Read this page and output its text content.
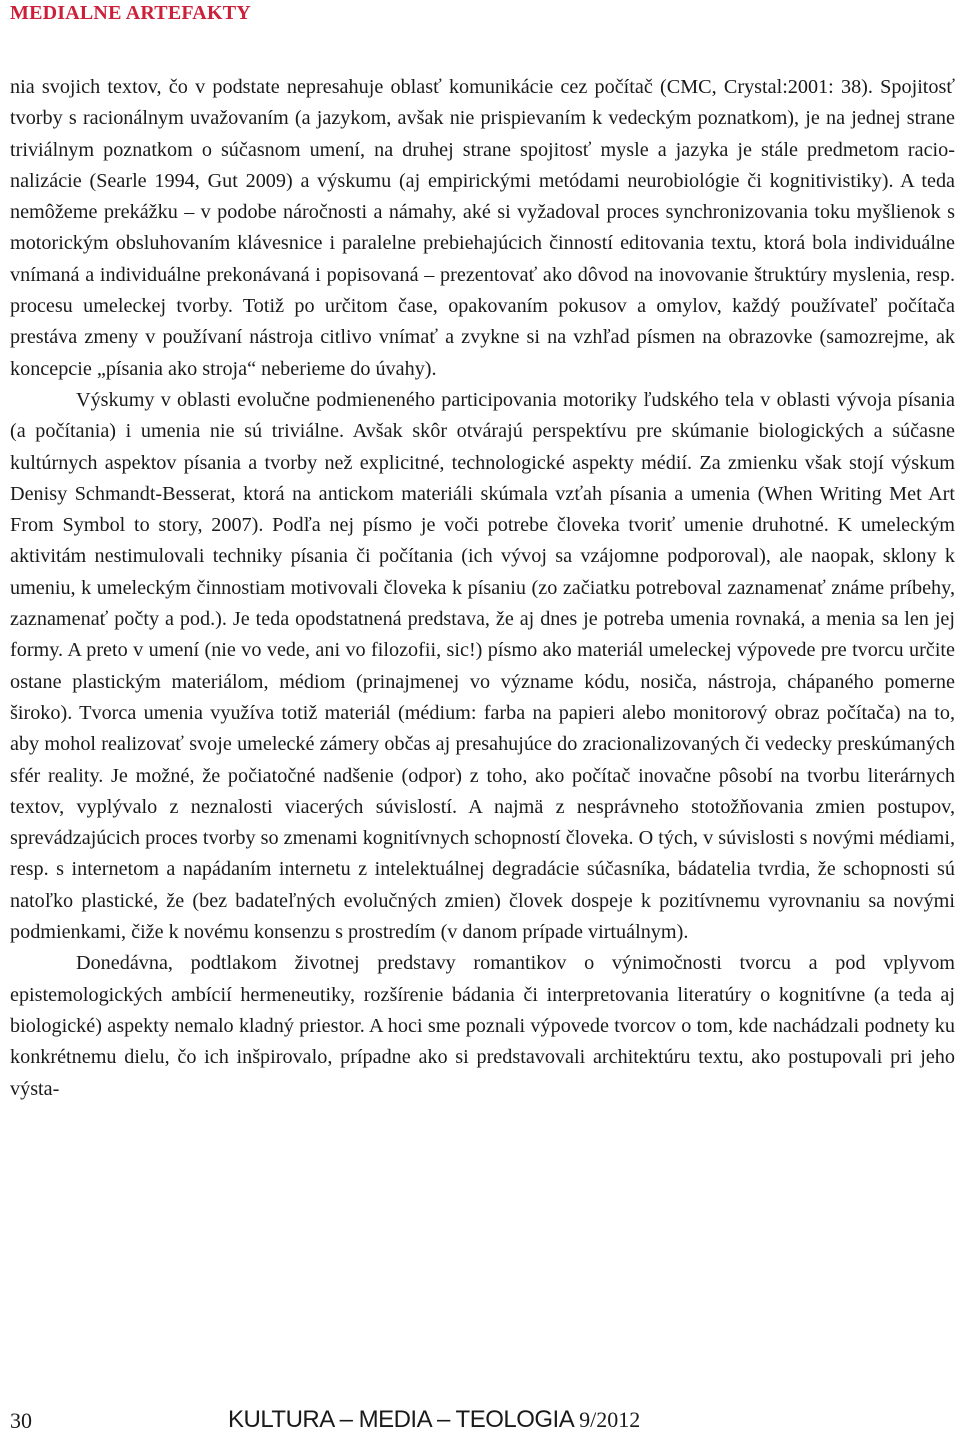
MEDIALNE ARTEFAKTY

nia svojich textov, čo v podstate nepresahuje oblasť komunikácie cez počítač (CMC, Crystal:2001: 38). Spojitosť tvorby s racionálnym uvažovaním (a jazykom, avšak nie prispievaním k vedeckým poznatkom), je na jednej strane triviálnym poznatkom o súčasnom umení, na druhej strane spojitosť mysle a jazyka je stále predmetom racionalizácie (Searle 1994, Gut 2009) a výskumu (aj empirickými metódami neurobiológie či kognitivistiky). A teda nemôžeme prekážku – v podobe náročnosti a námahy, aké si vyžadoval proces synchronizovania toku myšlienok s motorickým obsluhovaním klávesnice i paralelne prebiehajúcich činností editovania textu, ktorá bola individuálne vnímaná a individuálne prekonávaná i popisovaná – prezentovať ako dôvod na inovovanie štruktúry myslenia, resp. procesu umeleckej tvorby. Totiž po určitom čase, opakovaním pokusov a omylov, každý používateľ počítača prestáva zmeny v používaní nástroja citlivo vnímať a zvykne si na vzhľad písmen na obrazovke (samozrejme, ak koncepcie „písania ako stroja“ neberieme do úvahy).

Výskumy v oblasti evolučne podmieneného participovania motoriky ľudského tela v oblasti vývoja písania (a počítania) i umenia nie sú triviálne. Avšak skôr otvárajú perspektívu pre skúmanie biologických a súčasne kultúrnych aspektov písania a tvorby než explicitné, technologické aspekty médií. Za zmienku však stojí výskum Denisy Schmandt-Besserat, ktorá na antickom materiáli skúmala vzťah písania a umenia (When Writing Met Art From Symbol to story, 2007). Podľa nej písmo je voči potrebe človeka tvoriť umenie druhotné. K umeleckým aktivitám nestimulovali techniky písania či počítania (ich vývoj sa vzájomne podporoval), ale naopak, sklony k umeniu, k umeleckým činnostiam motivovali človeka k písaniu (zo začiatku potreboval zaznamenať známe príbehy, zaznamenať počty a pod.). Je teda opodstatnená predstava, že aj dnes je potreba umenia rovnaká, a menia sa len jej formy. A preto v umení (nie vo vede, ani vo filozofii, sic!) písmo ako materiál umeleckej výpovede pre tvorcu určite ostane plastickým materiálom, médiom (prinajmenej vo význame kódu, nosiča, nástroja, chápaného pomerne široko). Tvorca umenia využíva totiž materiál (médium: farba na papieri alebo monitorový obraz počítača) na to, aby mohol realizovať svoje umelecké zámery občas aj presahujúce do zracionalizovaných či vedecky preskúmaných sfér reality. Je možné, že počiatočné nadšenie (odpor) z toho, ako počítač inovačne pôsobí na tvorbu literárnych textov, vyplývalo z neznalosti viacerých súvislostí. A najmä z nesprávneho stotožňovania zmien postupov, sprevádzajúcich proces tvorby so zmenami kognitívnych schopností človeka. O tých, v súvislosti s novými médiami, resp. s internetom a napádaním internetu z intelektuálnej degradácie súčasníka, bádatelia tvrdia, že schopnosti sú natoľko plastické, že (bez badateľných evolučných zmien) človek dospeje k pozitívnemu vyrovnaniu sa novými podmienkami, čiže k novému konsenzu s prostredím (v danom prípade virtuálnym).

Donedávna, podtlakom životnej predstavy romantikov o výnimočnosti tvorcu a pod vplyvom epistemologických ambícií hermeneutiky, rozšírenie bádania či interpretovania literatúry o kognitívne (a teda aj biologické) aspekty nemalo kladný priestor. A hoci sme poznali výpovede tvorcov o tom, kde nachádzali podnety ku konkrétnemu dielu, čo ich inšpirovalo, prípadne ako si predstavovali architektúru textu, ako postupovali pri jeho výsta-

30	KULTURA – MEDIA – TEOLOGIA 9/2012
